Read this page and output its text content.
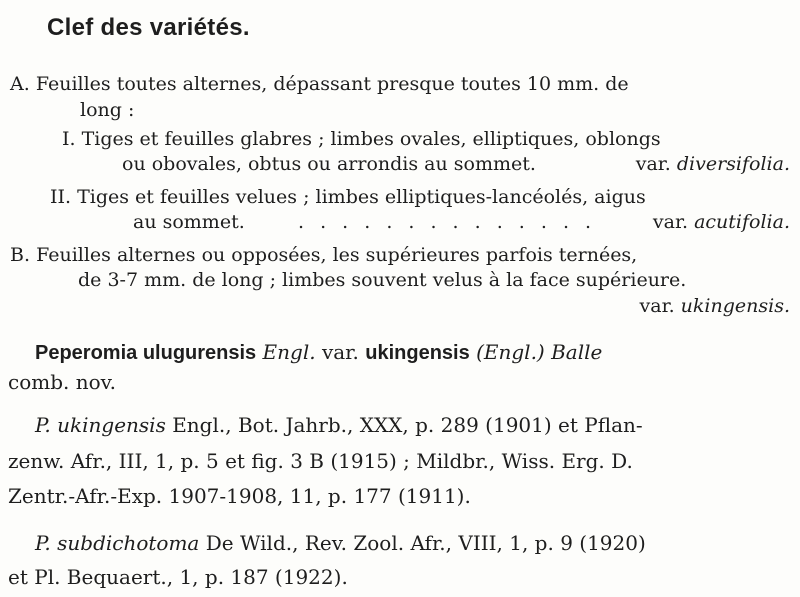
Clef des variétés.
A. Feuilles toutes alternes, dépassant presque toutes 10 mm. de
long :
I. Tiges et feuilles glabres ; limbes ovales, elliptiques, oblongs
ou obovales, obtus ou arrondis au sommet.	var. diversifolia.
II. Tiges et feuilles velues ; limbes elliptiques-lancéolés, aigus
au sommet.	. . . . . . . . . . . . . .	var. acutifolia.
B. Feuilles alternes ou opposées, les supérieures parfois ternées,
de 3-7 mm. de long ; limbes souvent velus à la face supérieure.
var. ukingensis.
Peperomia ulugurensis Engl. var. ukingensis (Engl.) Balle
comb. nov.
P. ukingensis Engl., Bot. Jahrb., XXX, p. 289 (1901) et Pflan-
zenw. Afr., III, 1, p. 5 et fig. 3 B (1915) ; Mildbr., Wiss. Erg. D.
Zentr.-Afr.-Exp. 1907-1908, 11, p. 177 (1911).
P. subdichotoma De Wild., Rev. Zool. Afr., VIII, 1, p. 9 (1920)
et Pl. Bequaert., 1, p. 187 (1922).
